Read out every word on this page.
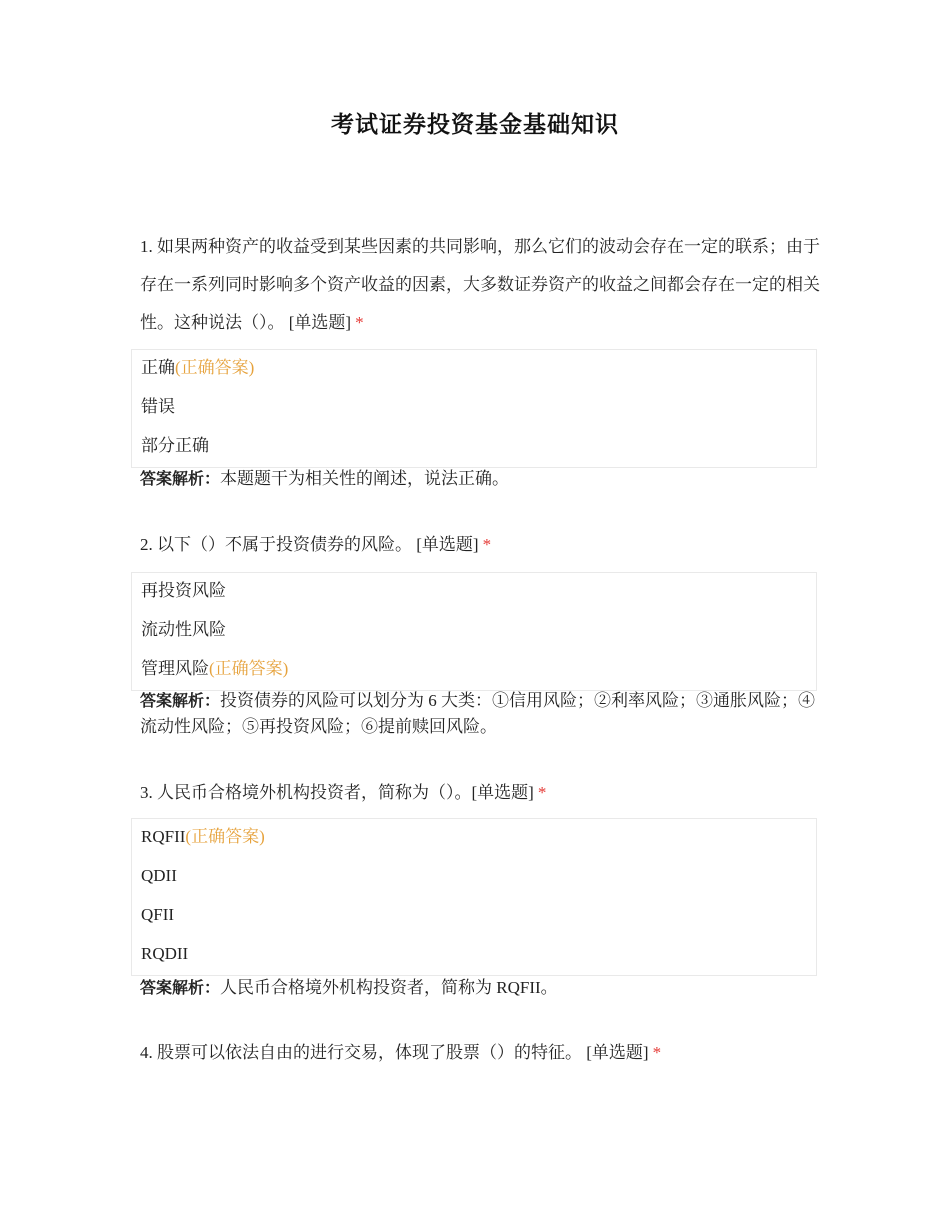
考试证券投资基金基础知识
1. 如果两种资产的收益受到某些因素的共同影响，那么它们的波动会存在一定的联系；由于存在一系列同时影响多个资产收益的因素，大多数证券资产的收益之间都会存在一定的相关性。这种说法（）。 [单选题] *
正确(正确答案)
错误
部分正确
答案解析：本题题干为相关性的阐述，说法正确。
2. 以下（）不属于投资债券的风险。 [单选题] *
再投资风险
流动性风险
管理风险(正确答案)
答案解析：投资债券的风险可以划分为 6 大类：①信用风险；②利率风险；③通胀风险；④流动性风险；⑤再投资风险；⑥提前赎回风险。
3. 人民币合格境外机构投资者，简称为（）。[单选题] *
RQFII(正确答案)
QDII
QFII
RQDII
答案解析：人民币合格境外机构投资者，简称为 RQFII。
4. 股票可以依法自由的进行交易，体现了股票（）的特征。 [单选题] *
